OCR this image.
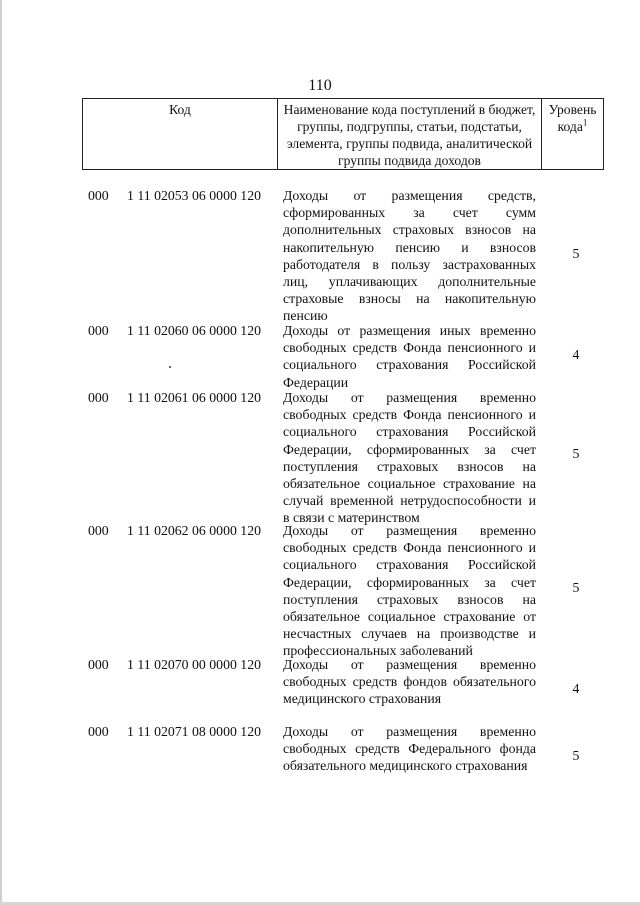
110
Код	Наименование кода поступлений в бюджет, группы, подгруппы, статьи, подстатьи, элемента, группы подвида, аналитической группы подвида доходов
Уровень кода$^1$
000 1 11 02053 06 0000 120 Доходы от размещения средств, сформированных за счет сумм дополнительных страховых взносов на накопительную пенсию и взносов работодателя в пользу застрахованных лиц, уплачивающих дополнительные страховые взносы на накопительную пенсию
5
000 1 11 02060 06 0000 120 Доходы от размещения иных временно свободных средств Фонда пенсионного и социального страхования Российской Федерации
4
000 1 11 02061 06 0000 120 Доходы от размещения временно свободных средств Фонда пенсионного и социального страхования Российской Федерации, сформированных за счет поступления страховых взносов на обязательное социальное страхование на случай временной нетрудоспособности и в связи с материнством
5
000 1 11 02062 06 0000 120 Доходы от размещения временно свободных средств Фонда пенсионного и социального страхования Российской Федерации, сформированных за счет поступления страховых взносов на обязательное социальное страхование от несчастных случаев на производстве и профессиональных заболеваний
5
000 1 11 02070 00 0000 120 Доходы от размещения временно свободных средств фондов обязательного медицинского страхования
4
000 1 11 02071 08 0000 120 Доходы от размещения временно свободных средств Федерального фонда обязательного медицинского страхования
5
